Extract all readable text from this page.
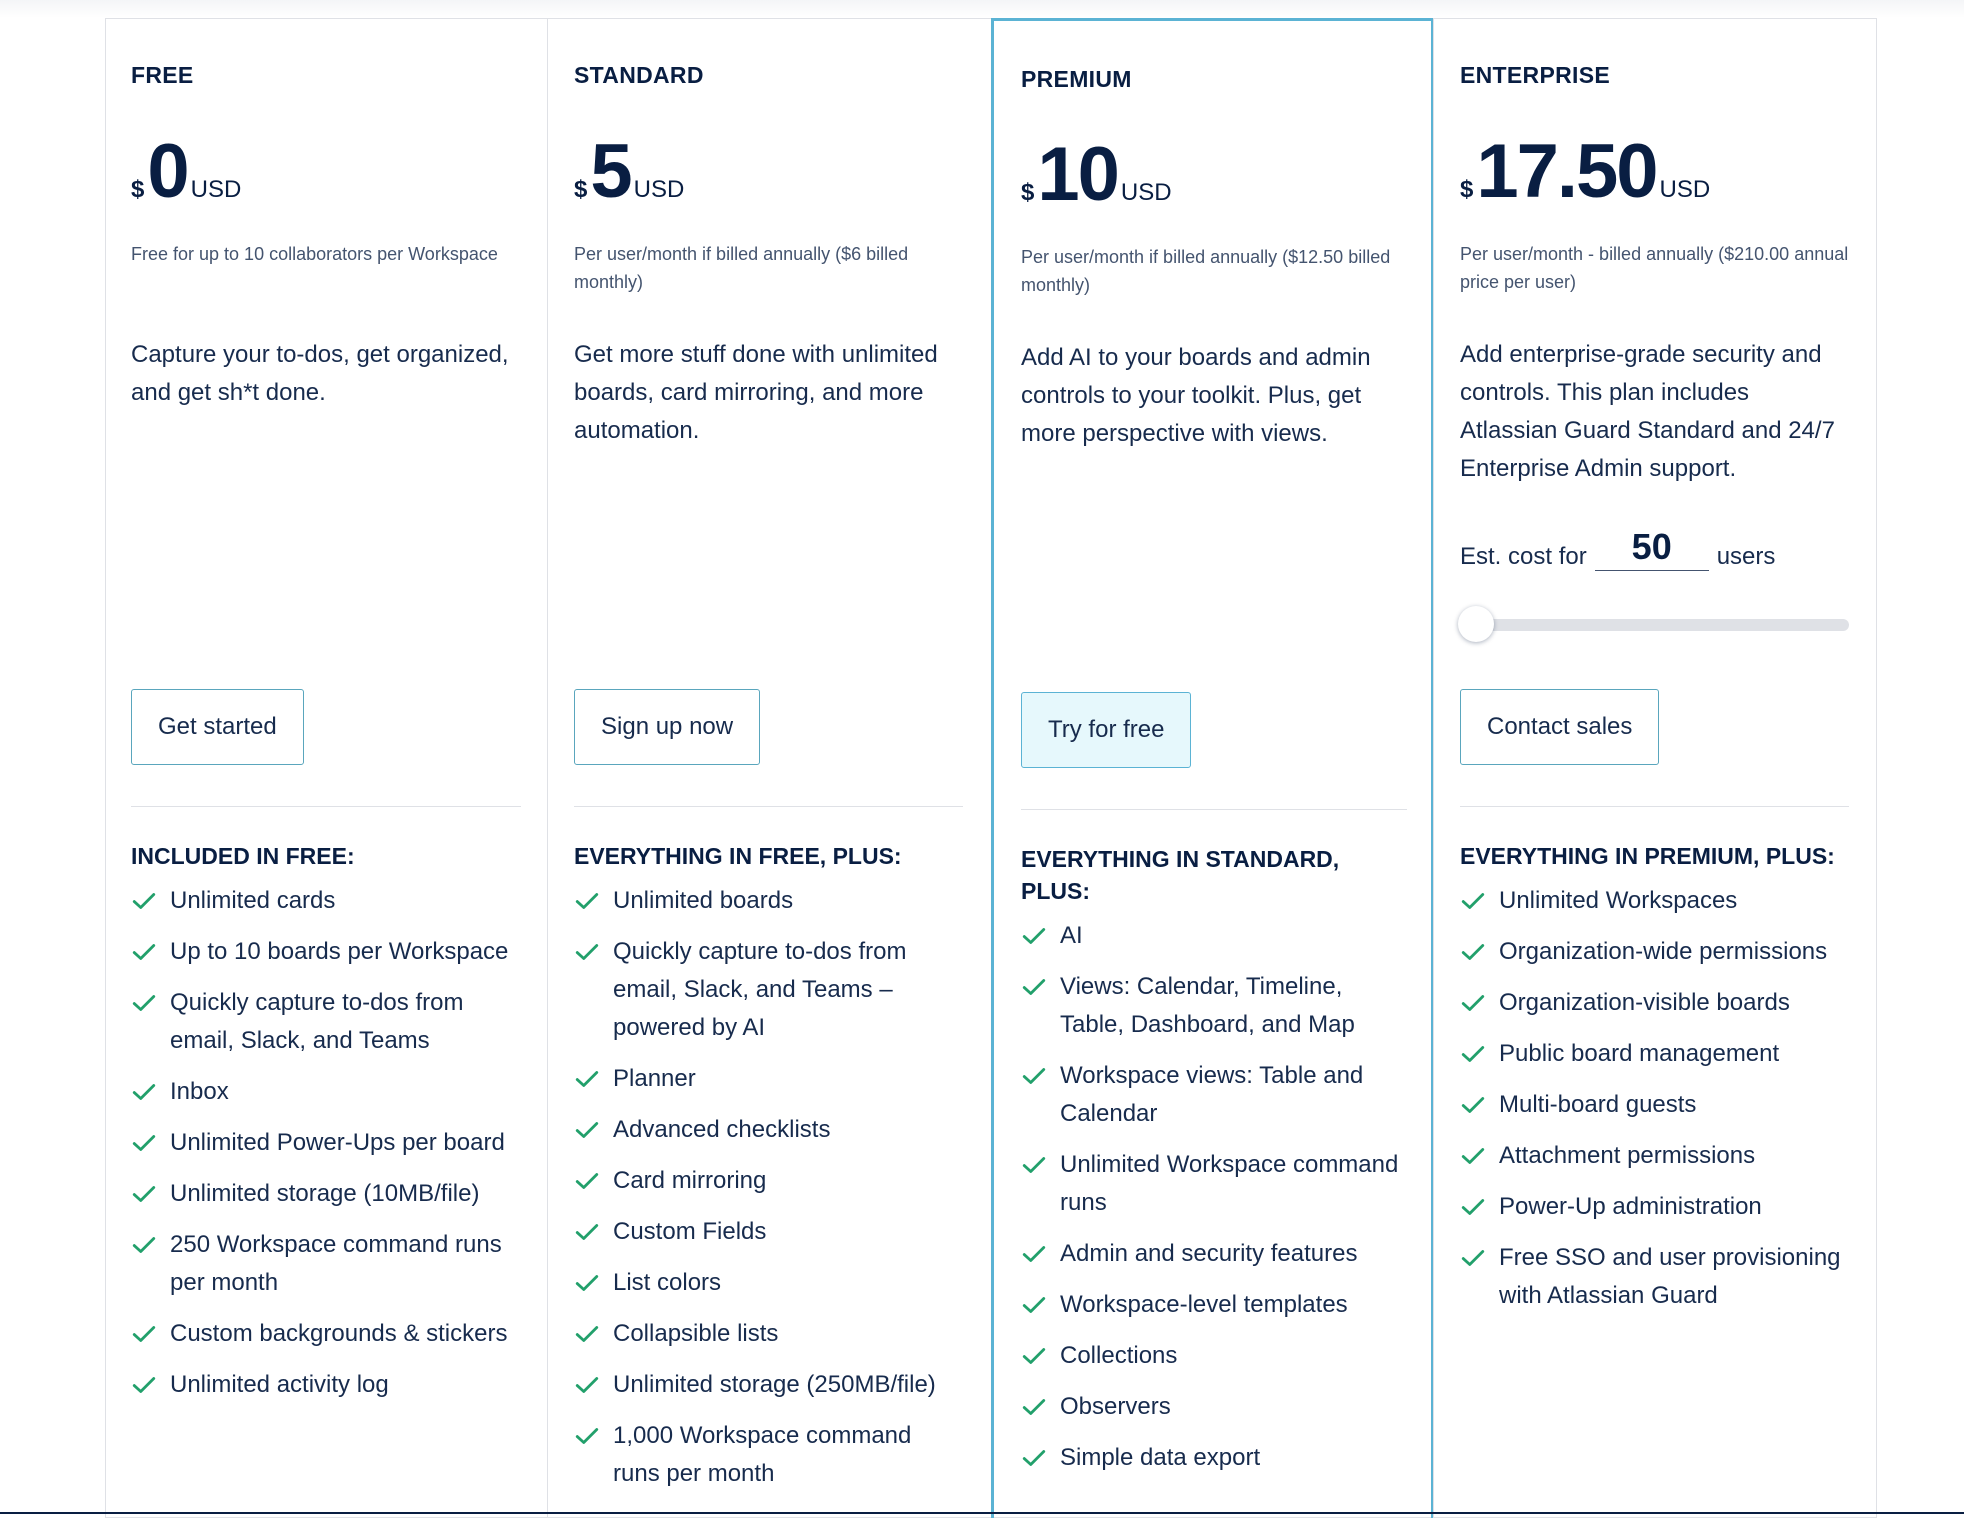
FREE
$ 0 USD
Free for up to 10 collaborators per Workspace
Capture your to-dos, get organized, and get sh*t done.
Get started
INCLUDED IN FREE:
Unlimited cards
Up to 10 boards per Workspace
Quickly capture to-dos from email, Slack, and Teams
Inbox
Unlimited Power-Ups per board
Unlimited storage (10MB/file)
250 Workspace command runs per month
Custom backgrounds & stickers
Unlimited activity log
STANDARD
$ 5 USD
Per user/month if billed annually ($6 billed monthly)
Get more stuff done with unlimited boards, card mirroring, and more automation.
Sign up now
EVERYTHING IN FREE, PLUS:
Unlimited boards
Quickly capture to-dos from email, Slack, and Teams – powered by AI
Planner
Advanced checklists
Card mirroring
Custom Fields
List colors
Collapsible lists
Unlimited storage (250MB/file)
1,000 Workspace command runs per month
PREMIUM
$ 10 USD
Per user/month if billed annually ($12.50 billed monthly)
Add AI to your boards and admin controls to your toolkit. Plus, get more perspective with views.
Try for free
EVERYTHING IN STANDARD, PLUS:
AI
Views: Calendar, Timeline, Table, Dashboard, and Map
Workspace views: Table and Calendar
Unlimited Workspace command runs
Admin and security features
Workspace-level templates
Collections
Observers
Simple data export
ENTERPRISE
$ 17.50 USD
Per user/month - billed annually ($210.00 annual price per user)
Add enterprise-grade security and controls. This plan includes Atlassian Guard Standard and 24/7 Enterprise Admin support.
Est. cost for	50	users
Contact sales
EVERYTHING IN PREMIUM, PLUS:
Unlimited Workspaces
Organization-wide permissions
Organization-visible boards
Public board management
Multi-board guests
Attachment permissions
Power-Up administration
Free SSO and user provisioning with Atlassian Guard
